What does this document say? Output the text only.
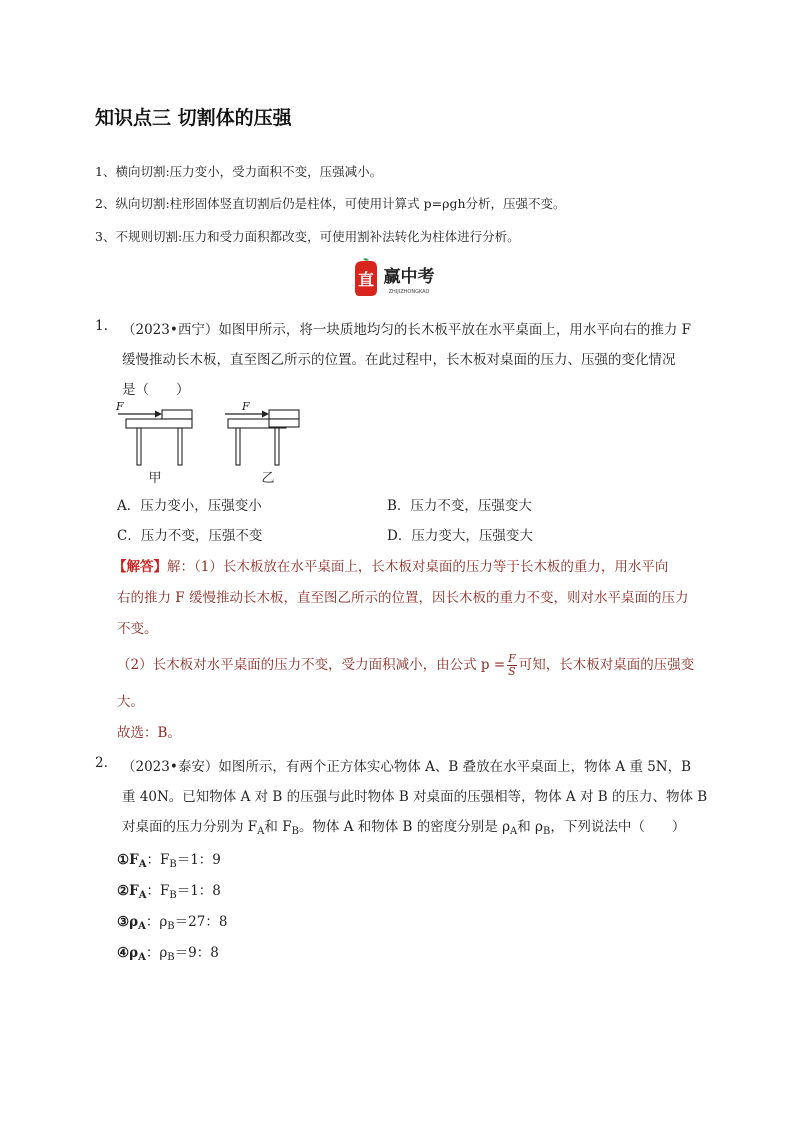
知识点三 切割体的压强
1、横向切割:压力变小，受力面积不变，压强减小。
2、纵向切割:柱形固体竖直切割后仍是柱体，可使用计算式 p=ρgh分析，压强不变。
3、不规则切割:压力和受力面积都改变，可使用割补法转化为柱体进行分析。
直 赢中考
ZHIJIZHONGKAO
1. （2023•西宁）如图甲所示，将一块质地均匀的长木板平放在水平桌面上，用水平向右的推力 F
缓慢推动长木板，直至图乙所示的位置。在此过程中，长木板对桌面的压力、压强的变化情况
是（　　）
F
甲
F
乙
A．压力变小，压强变小	B．压力不变，压强变大
C．压力不变，压强不变	D．压力变大，压强变大
【解答】解：（1）长木板放在水平桌面上，长木板对桌面的压力等于长木板的重力，用水平向
右的推力 F 缓慢推动长木板，直至图乙所示的位置，因长木板的重力不变，则对水平桌面的压力
不变。
（2）长木板对水平桌面的压力不变，受力面积减小，由公式 $p = \frac{F}{S}$ 可知，长木板对桌面的压强变
大。
故选：B。
2. （2023•泰安）如图所示，有两个正方体实心物体 A、B 叠放在水平桌面上，物体 A 重 5N，B
重 40N。已知物体 A 对 B 的压强与此时物体 B 对桌面的压强相等，物体 A 对 B 的压力、物体 B
对桌面的压力分别为 $F_A$和 $F_B$。物体 A 和物体 B 的密度分别是 $\rho_A$和 $\rho_B$，下列说法中（　　）
$①F_A$：$F_B=1$：9
$②F_A$：$F_B=1$：8
$③\rho_A$：$\rho_B=27$：8
$④\rho_A$：$\rho_B=9$：8
